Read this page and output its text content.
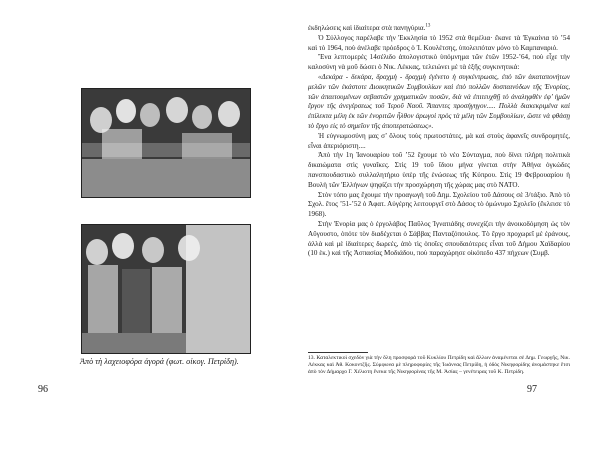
Ἀπὸ τὴ λαχειοφόρα ἀγορά (φωτ. οἰκογ. Πετρίδη).
96

ἐκδηλώσεις καὶ ἰδιαίτερα στὰ πανηγύρια.$^{13}$

Ὁ Σύλλογος παρέλαβε τὴν Ἐκκλησία τὸ 1952 στὰ θεμέλια· ἔκανε τὰ Ἐγκαίνια τὸ ’54 καὶ τὸ 1964, ποὺ ἀνέλαβε πρόεδρος ὁ Ἰ. Κουλέτσης, ὑπολειπόταν μόνο τὸ Καμπαναριό.

Ἕνα λεπτομερὲς 14σέλιδο ἀπολογιστικὸ ὑπόμνημα τῶν ἐτῶν 1952-’64, ποὺ εἶχε τὴν καλοσύνη νὰ μοῦ δώσει ὁ Νικ. Λέκκας, τελειώνει μὲ τὰ ἑξῆς συγκινητικά:

«Δεκάρα - δεκάρα, δραχμὴ - δραχμὴ ἐγένετο ἡ συγκέντρωσις, ἐπὸ τῶν ἀκαταπονήτων μελῶν τῶν ἑκάστοτε Διοικητικῶν Συμβουλίων καὶ ἐπὸ πολλῶν δυσπαινύδων τῆς Ἐνορίας, τῶν ἀπαιτουμένων σεβαστῶν χρηματικῶν ποσῶν, διὰ νὰ ἐπιτευχθῇ τὸ ἀναληφθὲν ἐφ’ ἡμῶν ἔργον τῆς ἀνεγέρσεως τοῦ Ἱεροῦ Ναοῦ. Ἅπαντες προσήγηγον..... Πολλὰ διακεκριμένα καὶ ἐπίλεκτα μέλη ἐκ τῶν ἐνοριτῶν ἦλθον ἀρωγοὶ πρὸς τὰ μέλη τῶν Συμβουλίων, ὥστε νὰ φθάσῃ τὸ ἔργο εἰς τὸ σημεῖον τῆς ἀποπερατώσεως».

Ἡ εὐγνωμοσύνη μας σ’ ὅλους τοὺς πρωτοστάτες, μὰ καὶ στοὺς ἀφανεῖς συνδρομητές, εἶναι ἀπεριόριστη....

Ἀπὸ τὴν 1η Ἰανουαρίου τοῦ ’52 ἔχουμε τὸ νέο Σύνταγμα, ποὺ δίνει πλήρη πολιτικὰ δικαιώματα στὶς γυναῖκες. Στὶς 19 τοῦ ἴδιου μήνα γίνεται στὴν Ἀθήνα ὀγκώδες πανσπουδαστικὸ συλλαλητήριο ὑπὲρ τῆς ἑνώσεως τῆς Κύπρου. Στὶς 19 Φεβρουαρίου ἡ Βουλὴ τῶν Ἑλλήνων ψηφίζει τὴν προσχώρηση τῆς χώρας μας στὸ ΝΑΤΟ.

Στὸν τόπο μας ἔχουμε τὴν προαγωγὴ τοῦ Δημ. Σχολείου τοῦ Δάσους σὲ 3/τάξιο. Ἀπὸ τὸ Σχολ. ἔτος ’51-’52 ὁ Ἀφατ. Αὐγέρης λειτουργεῖ στὸ Δάσος τὸ ὁμώνυμο Σχολεῖο (ἔκλεισε τὸ 1968).

Στὴν Ἐνορία μας ὁ ἐργολάβος Παῦλος Ἰγνατιάδης συνεχίζει τὴν ἀνοικοδόμηση ὡς τὸν Αὔγουστο, ὁπότε τὸν διαδέχεται ὁ Σάββας Πανταζόπουλος. Τὸ ἔργο προχωρεῖ μὲ ἐράνους, ἀλλὰ καὶ μὲ ἰδιαίτερες δωρεές, ἀπὸ τὶς ὁποῖες σπουδαιότερες εἶναι τοῦ Δήμου Χαϊδαρίου (10 ἑκ.) καὶ τῆς Ἀσπασίας Μοδιάδου, ποὺ παραχώρησε οἰκόπεδο 437 πήχεων (Συμβ.

97
13. Καταλεκτικοὶ σχεδὸν γιὰ τὴν ὅλη προσφορὰ τοῦ Κυκλίου Πετρίδη καὶ ἄλλων ἀναμένεται σὲ Δημ. Γεωργῆς, Νικ. Λέκκας καὶ Ἀθ. Κοκοντζῆς. Σύμφωνα μὲ πληροφορίες τῆς Ἰωάννας Πετρίδη, ἡ ὁδὸς Νικηφορίδης ἀνομάστηκε ἔτσι ἀπὸ τὸν Δήμαρχο Γ. Χέλιοτη ἕνεκα τῆς Νικηφορίνας τῆς Μ. Ἀσίας – γενέτειρας τοῦ Κ. Πετρίδη.
